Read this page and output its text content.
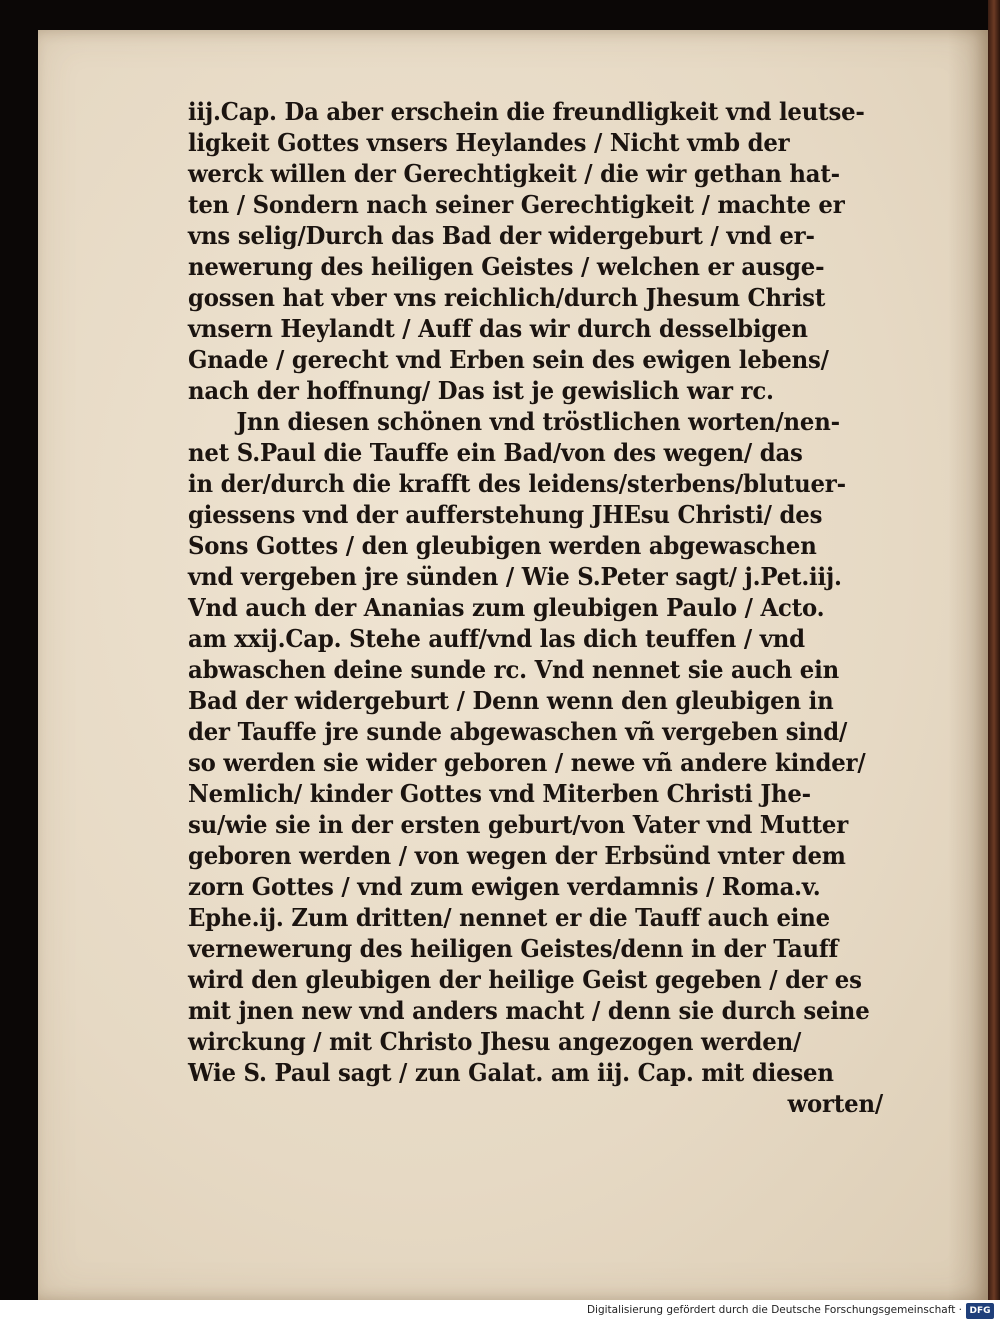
iij.Cap. Da aber erschein die freundligkeit vnd leutse-
ligkeit Gottes vnsers Heylandes / Nicht vmb der
werck willen der Gerechtigkeit / die wir gethan hat-
ten / Sondern nach seiner Gerechtigkeit / machte er
vns selig/Durch das Bad der widergeburt / vnd er-
newerung des heiligen Geistes / welchen er ausge-
gossen hat vber vns reichlich/durch Jhesum Christ
vnsern Heylandt / Auff das wir durch desselbigen
Gnade / gerecht vnd Erben sein des ewigen lebens/
nach der hoffnung/ Das ist je gewislich war rc.
Jnn diesen schönen vnd tröstlichen worten/nen-
net S.Paul die Tauffe ein Bad/von des wegen/ das
in der/durch die krafft des leidens/sterbens/blutuer-
giessens vnd der aufferstehung JHEsu Christi/ des
Sons Gottes / den gleubigen werden abgewaschen
vnd vergeben jre sünden / Wie S.Peter sagt/ j.Pet.iij.
Vnd auch der Ananias zum gleubigen Paulo / Acto.
am xxij.Cap. Stehe auff/vnd las dich teuffen / vnd
abwaschen deine sunde rc. Vnd nennet sie auch ein
Bad der widergeburt / Denn wenn den gleubigen in
der Tauffe jre sunde abgewaschen vñ vergeben sind/
so werden sie wider geboren / newe vñ andere kinder/
Nemlich/ kinder Gottes vnd Miterben Christi Jhe-
su/wie sie in der ersten geburt/von Vater vnd Mutter
geboren werden / von wegen der Erbsünd vnter dem
zorn Gottes / vnd zum ewigen verdamnis / Roma.v.
Ephe.ij. Zum dritten/ nennet er die Tauff auch eine
vernewerung des heiligen Geistes/denn in der Tauff
wird den gleubigen der heilige Geist gegeben / der es
mit jnen new vnd anders macht / denn sie durch seine
wirckung / mit Christo Jhesu angezogen werden/
Wie S. Paul sagt / zun Galat. am iij. Cap. mit diesen
worten/
Digitalisierung gefördert durch die Deutsche Forschungsgemeinschaft · DFG
